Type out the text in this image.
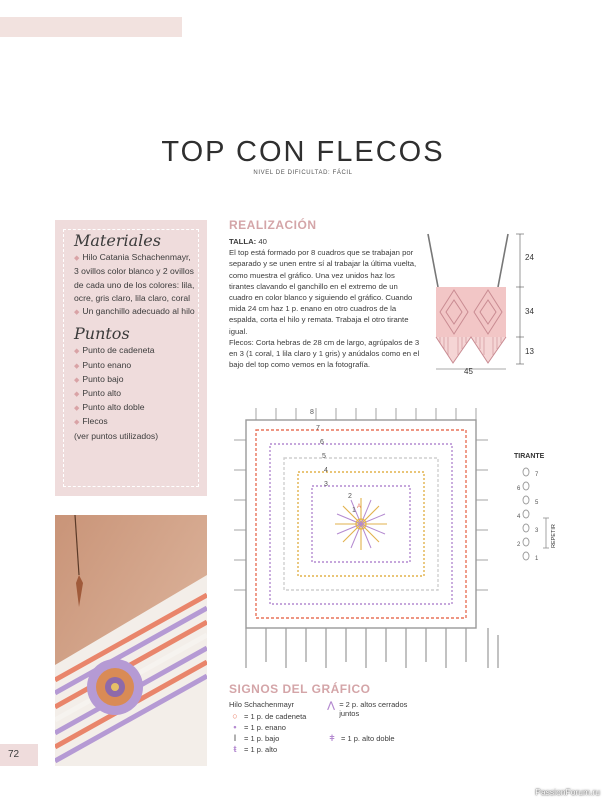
TOP CON FLECOS
NIVEL DE DIFICULTAD: FÁCIL
Materiales
◆ Hilo Catania Schachenmayr, 3 ovillos color blanco y 2 ovillos de cada uno de los colores: lila, ocre, gris claro, lila claro, coral
◆ Un ganchillo adecuado al hilo
Puntos
◆ Punto de cadeneta
◆ Punto enano
◆ Punto bajo
◆ Punto alto
◆ Punto alto doble
◆ Flecos
(ver puntos utilizados)
REALIZACIÓN
TALLA: 40
El top está formado por 8 cuadros que se trabajan por separado y se unen entre sí al trabajar la última vuelta, como muestra el gráfico. Una vez unidos haz los tirantes clavando el ganchillo en el extremo de un cuadro en color blanco y siguiendo el gráfico. Cuando mida 24 cm haz 1 p. enano en otro cuadros de la espalda, corta el hilo y remata. Trabaja el otro tirante igual.
Flecos: Corta hebras de 28 cm de largo, agrúpalos de 3 en 3 (1 coral, 1 lila claro y 1 gris) y anúdalos como en el bajo del top como vemos en la fotografía.
24
34
13
45
8
7
6
5
4
3
2
1 A
TIRANTE
1
2
3
4
5
6
7
REPETIR
SIGNOS DEL GRÁFICO
Hilo Schachenmayr
○ = 1 p. de cadeneta
• = 1 p. enano
I	= 1 p. bajo
ŧ	= 1 p. alto
⋀ = 2 p. altos cerrados juntos
ǂ = 1 p. alto doble
72
PassionForum.ru
